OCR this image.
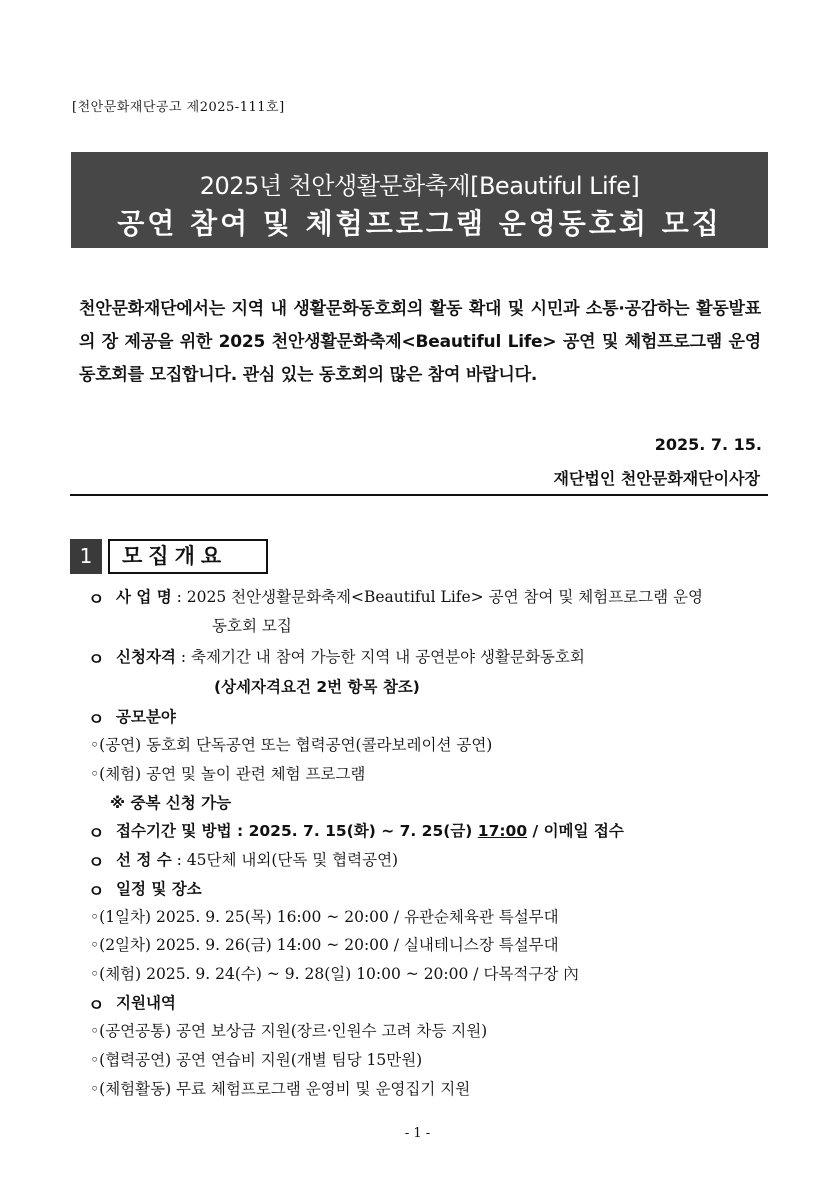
[천안문화재단공고 제2025-111호]
2025년 천안생활문화축제[Beautiful Life]
공연 참여 및 체험프로그램 운영동호회 모집
천안문화재단에서는 지역 내 생활문화동호회의 활동 확대 및 시민과 소통·공감하는 활동발표의 장 제공을 위한 2025 천안생활문화축제<Beautiful Life> 공연 및 체험프로그램 운영 동호회를 모집합니다. 관심 있는 동호회의 많은 참여 바랍니다.
2025. 7. 15.
재단법인 천안문화재단이사장
1	모집개요
ㅇ 사 업 명 : 2025 천안생활문화축제<Beautiful Life> 공연 참여 및 체험프로그램 운영
동호회 모집
ㅇ 신청자격 : 축제기간 내 참여 가능한 지역 내 공연분야 생활문화동호회
(상세자격요건 2번 항목 참조)
ㅇ 공모분야
◦(공연) 동호회 단독공연 또는 협력공연(콜라보레이션 공연)
◦(체험) 공연 및 놀이 관련 체험 프로그램
※ 중복 신청 가능
ㅇ 접수기간 및 방법 : 2025. 7. 15(화) ~ 7. 25(금) 17:00 / 이메일 접수
ㅇ 선 정 수 : 45단체 내외(단독 및 협력공연)
ㅇ 일정 및 장소
◦(1일차) 2025. 9. 25(목) 16:00 ~ 20:00 / 유관순체육관 특설무대
◦(2일차) 2025. 9. 26(금) 14:00 ~ 20:00 / 실내테니스장 특설무대
◦(체험) 2025. 9. 24(수) ~ 9. 28(일) 10:00 ~ 20:00 / 다목적구장 內
ㅇ 지원내역
◦(공연공통) 공연 보상금 지원(장르·인원수 고려 차등 지원)
◦(협력공연) 공연 연습비 지원(개별 팀당 15만원)
◦(체험활동) 무료 체험프로그램 운영비 및 운영집기 지원
- 1 -
